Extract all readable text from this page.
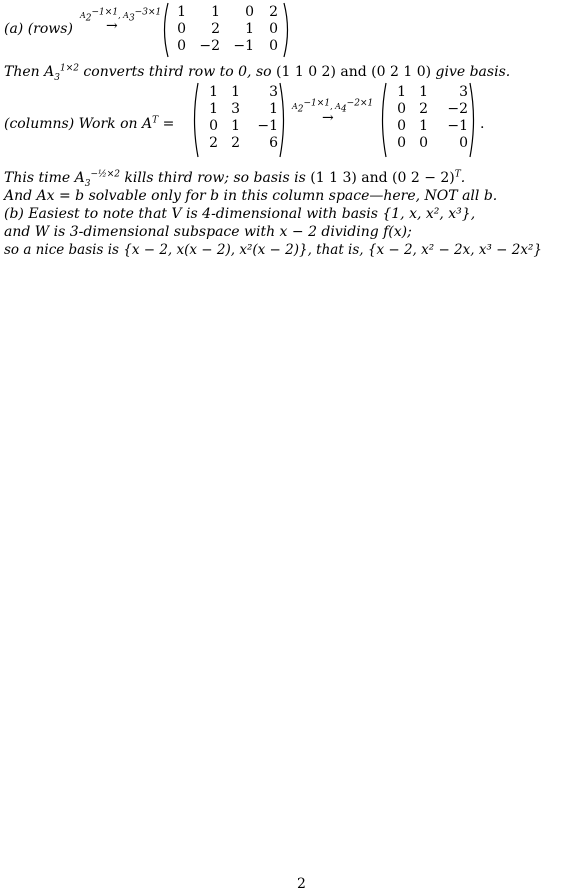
(a) (rows)
$A_2^{-1\times 1}$, $A_3^{-3\times 1}$
→
1	1	0	2
0	2	1	0
0 −2 −1	0
Then $A_3^{1\times 2}$ converts third row to 0, so (1 1 0 2) and (0 2 1 0) give basis.
(columns) Work on $A^T$ =
1 1	3
1 3	1
0 1	−1
2 2	6
$A_2^{-1\times 1}$, $A_4^{-2\times 1}$
→
1 1	3
0 2	−2
0 1	−1
0 0	0
.
This time $A_3^{-\frac{1}{2}\times 2}$ kills third row; so basis is (1 1 3) and (0 2 − 2)$^T$.
And Ax = b solvable only for b in this column space—here, NOT all b.
(b) Easiest to note that V is 4-dimensional with basis {1, x, x², x³},
and W is 3-dimensional subspace with x − 2 dividing f(x);
so a nice basis is {x − 2, x(x − 2), x²(x − 2)}, that is, {x − 2, x² − 2x, x³ − 2x²}
2
